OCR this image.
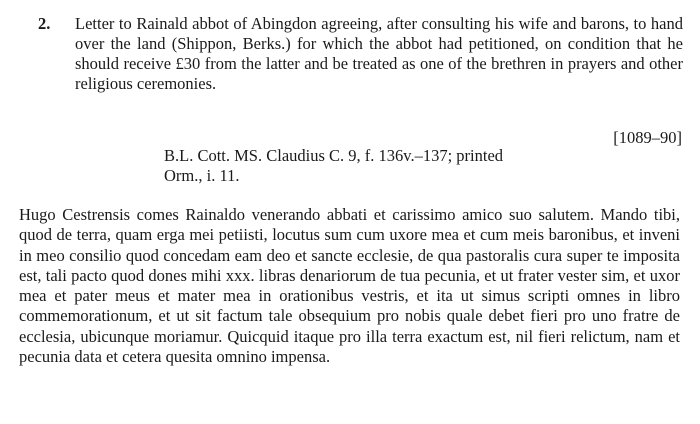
2. Letter to Rainald abbot of Abingdon agreeing, after consulting his wife and barons, to hand over the land (Shippon, Berks.) for which the abbot had petitioned, on condition that he should receive £30 from the latter and be treated as one of the brethren in prayers and other religious ceremonies.
[1089–90]
B.L. Cott. MS. Claudius C. 9, f. 136v.–137; printed
Orm., i. 11.
Hugo Cestrensis comes Rainaldo venerando abbati et carissimo amico suo salutem. Mando tibi, quod de terra, quam erga mei petiisti, locutus sum cum uxore mea et cum meis baronibus, et inveni in meo consilio quod concedam eam deo et sancte ecclesie, de qua pastoralis cura super te imposita est, tali pacto quod dones mihi xxx. libras denariorum de tua pecunia, et ut frater vester sim, et uxor mea et pater meus et mater mea in orationibus vestris, et ita ut simus scripti omnes in libro commemorationum, et ut sit factum tale obsequium pro nobis quale debet fieri pro uno fratre de ecclesia, ubicunque moriamur. Quicquid itaque pro illa terra exactum est, nil fieri relictum, nam et pecunia data et cetera quesita omnino impensa.
